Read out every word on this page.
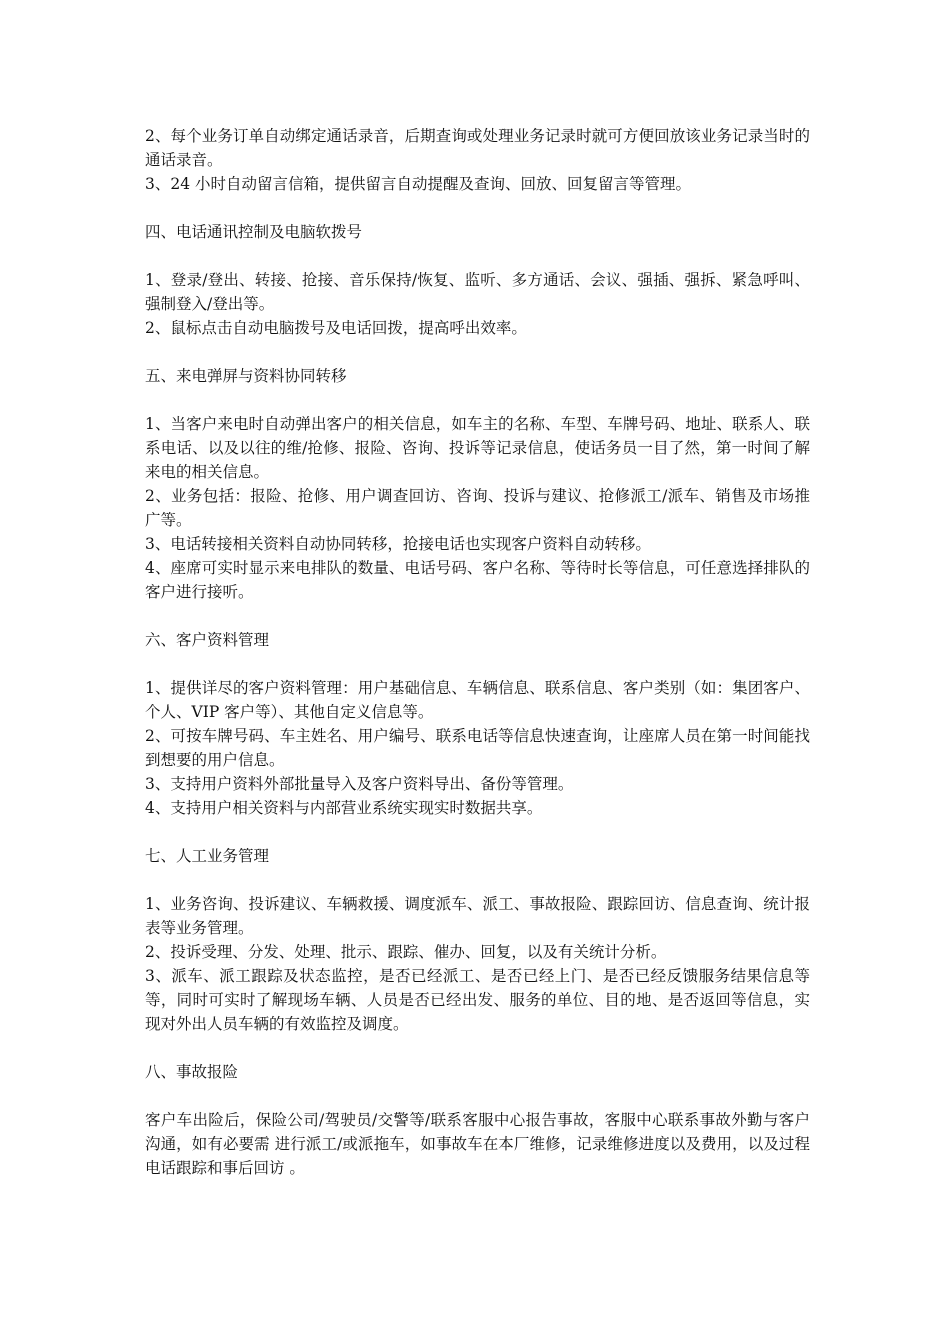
2、每个业务订单自动绑定通话录音，后期查询或处理业务记录时就可方便回放该业务记录当时的通话录音。

3、24 小时自动留言信箱，提供留言自动提醒及查询、回放、回复留言等管理。

四、电话通讯控制及电脑软拨号

1、登录/登出、转接、抢接、音乐保持/恢复、监听、多方通话、会议、强插、强拆、紧急呼叫、强制登入/登出等。

2、鼠标点击自动电脑拨号及电话回拨，提高呼出效率。

五、来电弹屏与资料协同转移

1、当客户来电时自动弹出客户的相关信息，如车主的名称、车型、车牌号码、地址、联系人、联系电话、以及以往的维/抢修、报险、咨询、投诉等记录信息，使话务员一目了然，第一时间了解来电的相关信息。

2、业务包括：报险、抢修、用户调查回访、咨询、投诉与建议、抢修派工/派车、销售及市场推广等。

3、电话转接相关资料自动协同转移，抢接电话也实现客户资料自动转移。

4、座席可实时显示来电排队的数量、电话号码、客户名称、等待时长等信息，可任意选择排队的客户进行接听。

六、客户资料管理

1、提供详尽的客户资料管理：用户基础信息、车辆信息、联系信息、客户类别（如：集团客户、个人、VIP 客户等）、其他自定义信息等。

2、可按车牌号码、车主姓名、用户编号、联系电话等信息快速查询，让座席人员在第一时间能找到想要的用户信息。

3、支持用户资料外部批量导入及客户资料导出、备份等管理。

4、支持用户相关资料与内部营业系统实现实时数据共享。

七、人工业务管理

1、业务咨询、投诉建议、车辆救援、调度派车、派工、事故报险、跟踪回访、信息查询、统计报表等业务管理。

2、投诉受理、分发、处理、批示、跟踪、催办、回复，以及有关统计分析。

3、派车、派工跟踪及状态监控，是否已经派工、是否已经上门、是否已经反馈服务结果信息等等，同时可实时了解现场车辆、人员是否已经出发、服务的单位、目的地、是否返回等信息，实现对外出人员车辆的有效监控及调度。

八、事故报险

客户车出险后，保险公司/驾驶员/交警等/联系客服中心报告事故，客服中心联系事故外勤与客户沟通，如有必要需 进行派工/或派拖车，如事故车在本厂维修，记录维修进度以及费用，以及过程电话跟踪和事后回访 。
